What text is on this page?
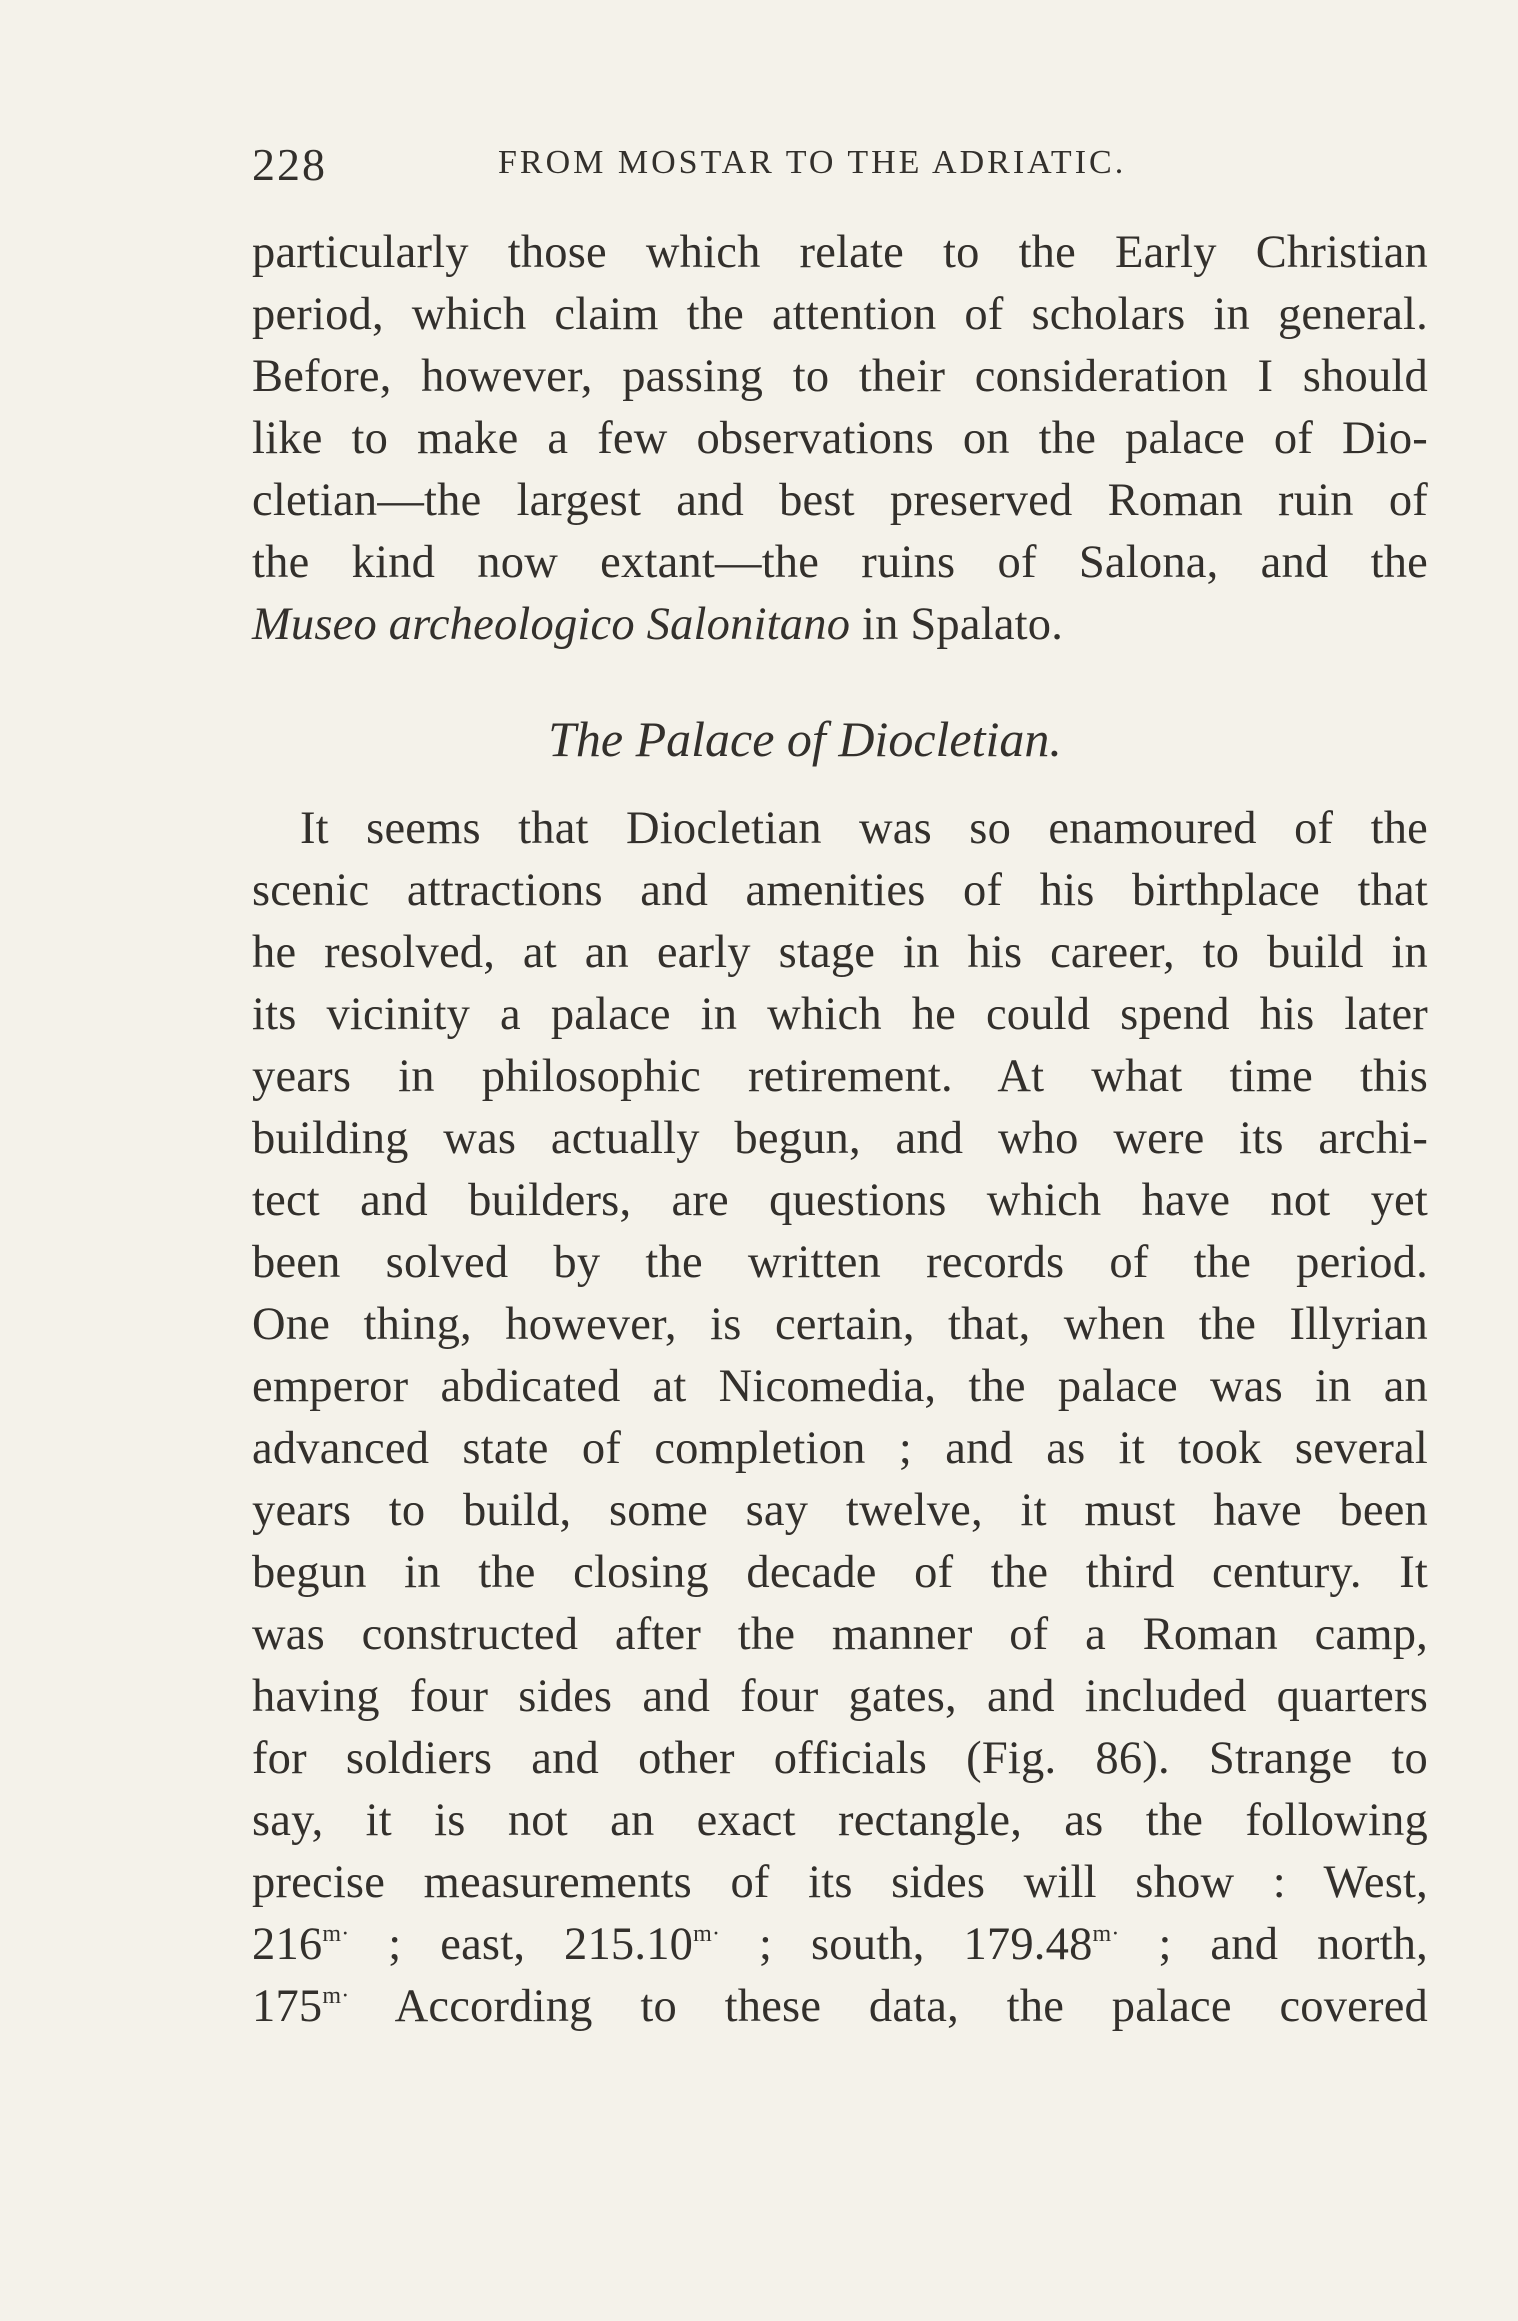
228	FROM MOSTAR TO THE ADRIATIC.
particularly those which relate to the Early Christian
period, which claim the attention of scholars in general.
Before, however, passing to their consideration I should
like to make a few observations on the palace of Dio-
cletian—the largest and best preserved Roman ruin of
the kind now extant—the ruins of Salona, and the
Museo archeologico Salonitano in Spalato.
The Palace of Diocletian.
It seems that Diocletian was so enamoured of the
scenic attractions and amenities of his birthplace that
he resolved, at an early stage in his career, to build in
its vicinity a palace in which he could spend his later
years in philosophic retirement. At what time this
building was actually begun, and who were its archi-
tect and builders, are questions which have not yet
been solved by the written records of the period.
One thing, however, is certain, that, when the Illyrian
emperor abdicated at Nicomedia, the palace was in an
advanced state of completion ; and as it took several
years to build, some say twelve, it must have been
begun in the closing decade of the third century. It
was constructed after the manner of a Roman camp,
having four sides and four gates, and included quarters
for soldiers and other officials (Fig. 86). Strange to
say, it is not an exact rectangle, as the following
precise measurements of its sides will show : West,
$216^{m\cdot}$ ; east, $215.10^{m\cdot}$ ; south, $179.48^{m\cdot}$ ; and north,
$175^{m\cdot}$ According to these data, the palace covered
